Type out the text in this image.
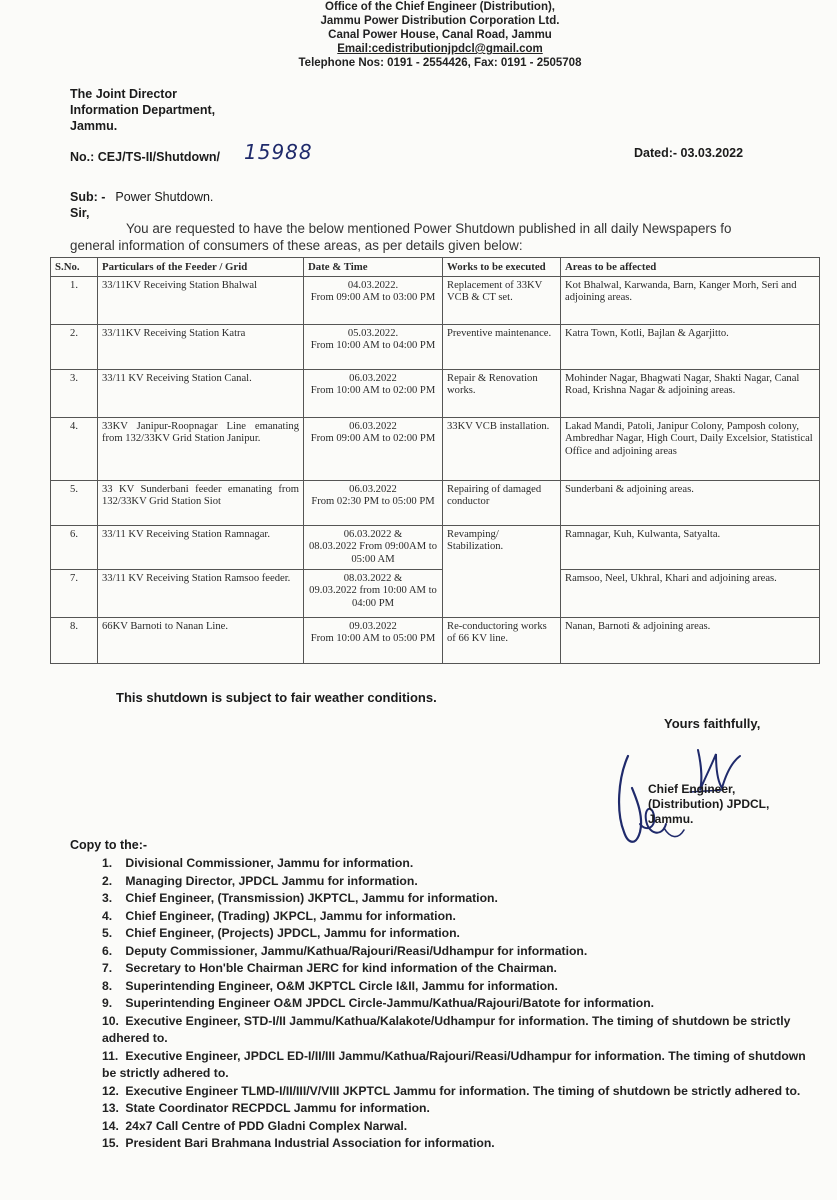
Office of the Chief Engineer (Distribution),
Jammu Power Distribution Corporation Ltd.
Canal Power House, Canal Road, Jammu
Email:cedistributionjpdcl@gmail.com
Telephone Nos: 0191 - 2554426, Fax: 0191 - 2505708
The Joint Director
Information Department,
Jammu.
No.: CEJ/TS-II/Shutdown/ 15988	Dated:- 03.03.2022
Sub: - Power Shutdown.
Sir,
You are requested to have the below mentioned Power Shutdown published in all daily Newspapers fo
general information of consumers of these areas, as per details given below:
S.No.	Particulars of the Feeder / Grid	Date & Time	Works to be executed	Areas to be affected
1.	33/11KV Receiving Station Bhalwal	04.03.2022.
From 09:00 AM to 03:00 PM	Replacement of 33KV VCB & CT set.	Kot Bhalwal, Karwanda, Barn, Kanger Morh, Seri and adjoining areas.
2.	33/11KV Receiving Station Katra	05.03.2022.
From 10:00 AM to 04:00 PM	Preventive maintenance.	Katra Town, Kotli, Bajlan & Agarjitto.
3.	33/11 KV Receiving Station Canal.	06.03.2022
From 10:00 AM to 02:00 PM	Repair & Renovation works.	Mohinder Nagar, Bhagwati Nagar, Shakti Nagar, Canal Road, Krishna Nagar & adjoining areas.
4.	33KV Janipur-Roopnagar Line emanating from 132/33KV Grid Station Janipur.	06.03.2022
From 09:00 AM to 02:00 PM	33KV VCB installation.	Lakad Mandi, Patoli, Janipur Colony, Pamposh colony, Ambredhar Nagar, High Court, Daily Excelsior, Statistical Office and adjoining areas
5.	33 KV Sunderbani feeder emanating from 132/33KV Grid Station Siot	06.03.2022
From 02:30 PM to 05:00 PM	Repairing of damaged conductor	Sunderbani & adjoining areas.
6.	33/11 KV Receiving Station Ramnagar.	06.03.2022 &
08.03.2022 From 09:00AM to 05:00 AM	Revamping/ Stabilization.	Ramnagar, Kuh, Kulwanta, Satyalta.
7.	33/11 KV Receiving Station Ramsoo feeder.	08.03.2022 &
09.03.2022 from 10:00 AM to 04:00 PM		Ramsoo, Neel, Ukhral, Khari and adjoining areas.
8.	66KV Barnoti to Nanan Line.	09.03.2022
From 10:00 AM to 05:00 PM	Re-conductoring works of 66 KV line.	Nanan, Barnoti & adjoining areas.
This shutdown is subject to fair weather conditions.
Yours faithfully,
Chief Engineer,
(Distribution) JPDCL,
Jammu.
Copy to the:-
1. Divisional Commissioner, Jammu for information.
2. Managing Director, JPDCL Jammu for information.
3. Chief Engineer, (Transmission) JKPTCL, Jammu for information.
4. Chief Engineer, (Trading) JKPCL, Jammu for information.
5. Chief Engineer, (Projects) JPDCL, Jammu for information.
6. Deputy Commissioner, Jammu/Kathua/Rajouri/Reasi/Udhampur for information.
7. Secretary to Hon'ble Chairman JERC for kind information of the Chairman.
8. Superintending Engineer, O&M JKPTCL Circle I&II, Jammu for information.
9. Superintending Engineer O&M JPDCL Circle-Jammu/Kathua/Rajouri/Batote for information.
10. Executive Engineer, STD-I/II Jammu/Kathua/Kalakote/Udhampur for information. The timing of shutdown be strictly adhered to.
11. Executive Engineer, JPDCL ED-I/II/III Jammu/Kathua/Rajouri/Reasi/Udhampur for information. The timing of shutdown be strictly adhered to.
12. Executive Engineer TLMD-I/II/III/V/VIII JKPTCL Jammu for information. The timing of shutdown be strictly adhered to.
13. State Coordinator RECPDCL Jammu for information.
14. 24x7 Call Centre of PDD Gladni Complex Narwal.
15. President Bari Brahmana Industrial Association for information.
